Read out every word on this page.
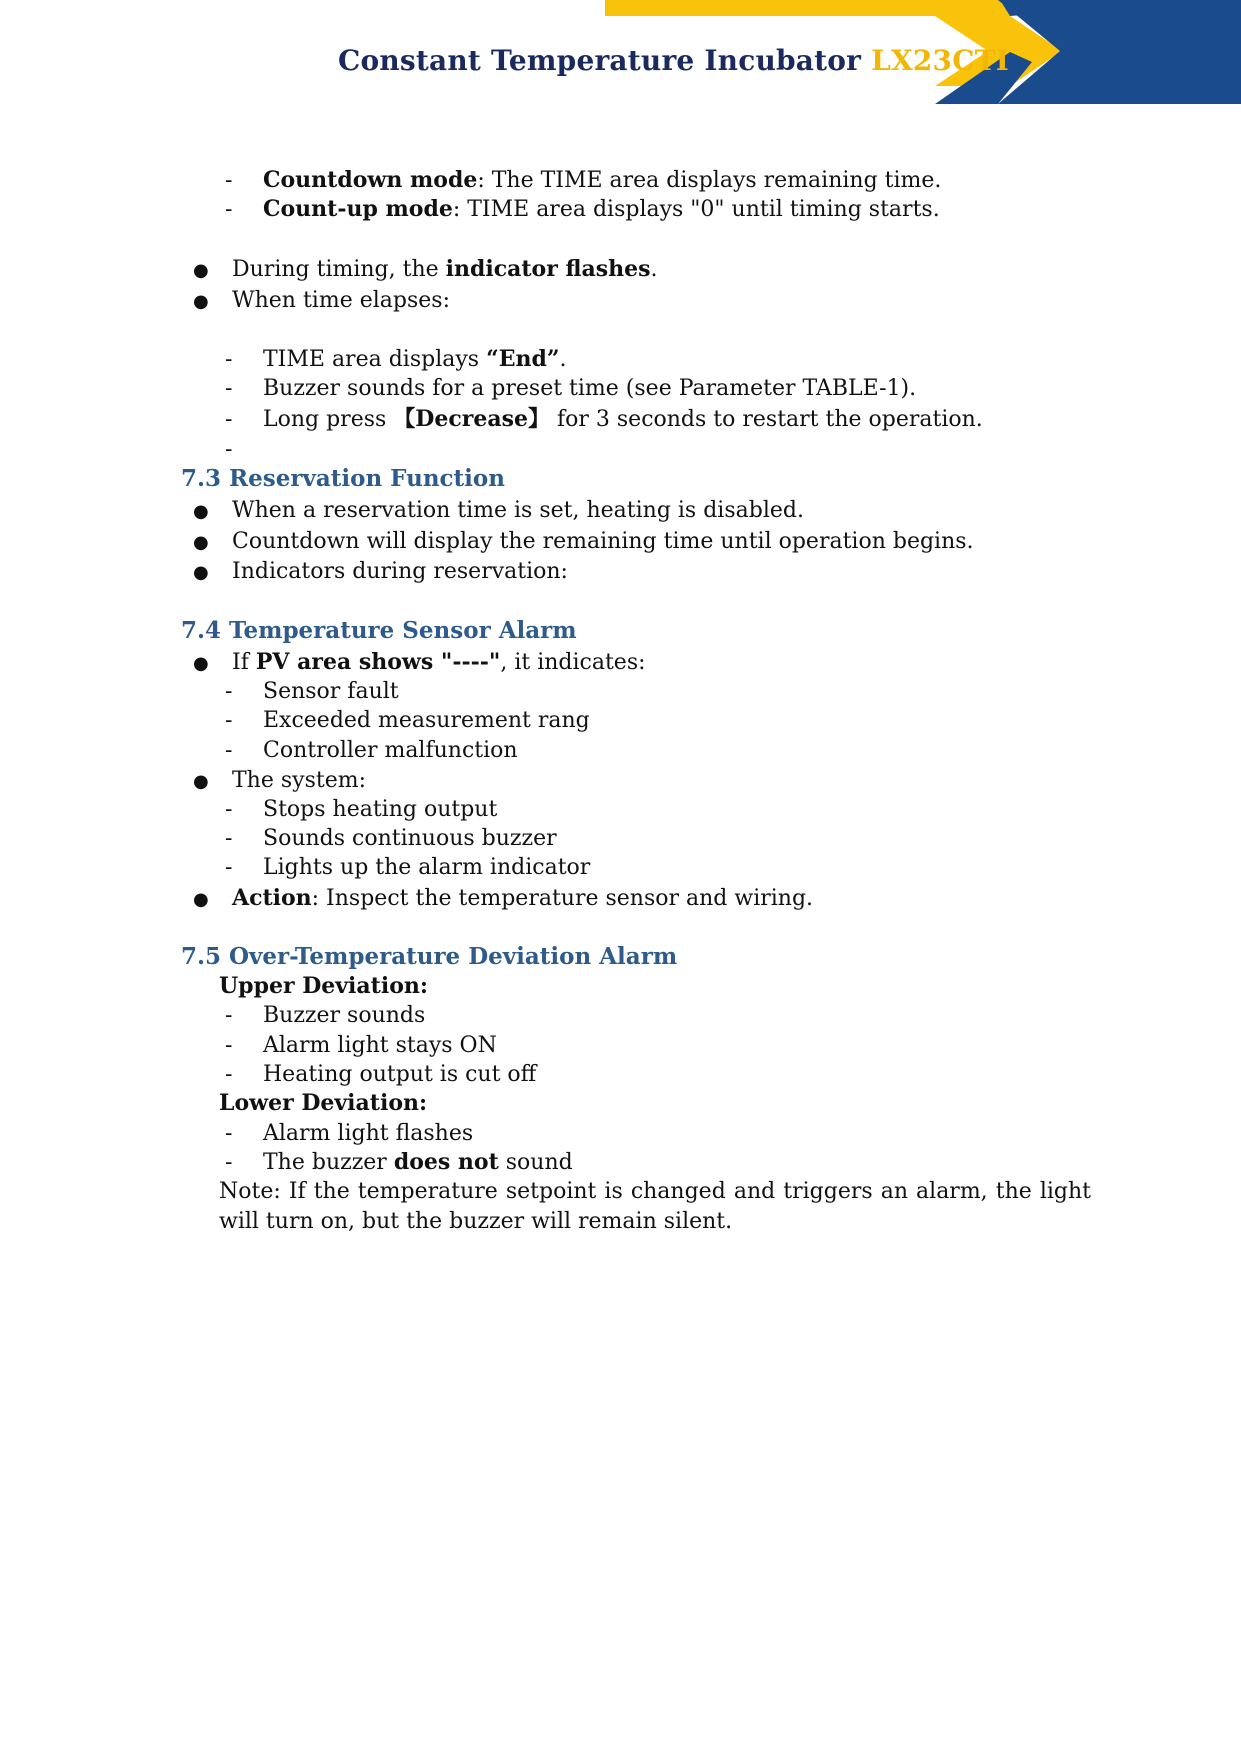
Constant Temperature Incubator LX23CTI
- Countdown mode: The TIME area displays remaining time.
- Count-up mode: TIME area displays "0" until timing starts.
● During timing, the indicator flashes.
● When time elapses:
- TIME area displays “End”.
- Buzzer sounds for a preset time (see Parameter TABLE-1).
- Long press 【Decrease】 for 3 seconds to restart the operation.
-
7.3 Reservation Function
● When a reservation time is set, heating is disabled.
● Countdown will display the remaining time until operation begins.
● Indicators during reservation:
7.4 Temperature Sensor Alarm
● If PV area shows "----", it indicates:
- Sensor fault
- Exceeded measurement rang
- Controller malfunction
● The system:
- Stops heating output
- Sounds continuous buzzer
- Lights up the alarm indicator
● Action: Inspect the temperature sensor and wiring.
7.5 Over-Temperature Deviation Alarm
Upper Deviation:
- Buzzer sounds
- Alarm light stays ON
- Heating output is cut off
Lower Deviation:
- Alarm light flashes
- The buzzer does not sound
Note: If the temperature setpoint is changed and triggers an alarm, the light will turn on, but the buzzer will remain silent.
